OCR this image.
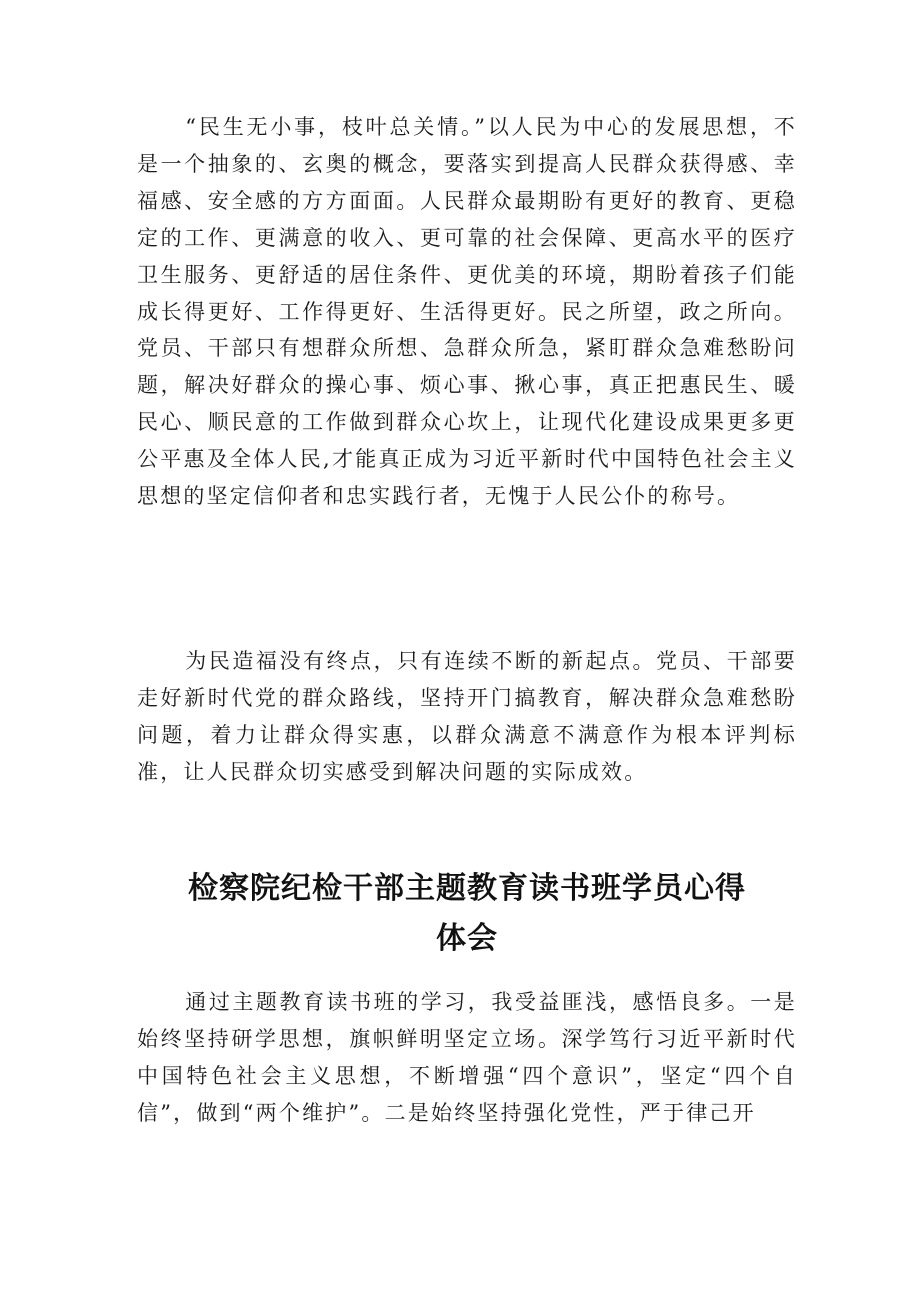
“民生无小事，枝叶总关情。”以人民为中心的发展思想，不是一个抽象的、玄奥的概念，要落实到提高人民群众获得感、幸福感、安全感的方方面面。人民群众最期盼有更好的教育、更稳定的工作、更满意的收入、更可靠的社会保障、更高水平的医疗卫生服务、更舒适的居住条件、更优美的环境，期盼着孩子们能成长得更好、工作得更好、生活得更好。民之所望，政之所向。党员、干部只有想群众所想、急群众所急，紧盯群众急难愁盼问题，解决好群众的操心事、烦心事、揪心事，真正把惠民生、暖民心、顺民意的工作做到群众心坎上，让现代化建设成果更多更公平惠及全体人民,才能真正成为习近平新时代中国特色社会主义思想的坚定信仰者和忠实践行者，无愧于人民公仆的称号。

为民造福没有终点，只有连续不断的新起点。党员、干部要走好新时代党的群众路线，坚持开门搞教育，解决群众急难愁盼问题，着力让群众得实惠，以群众满意不满意作为根本评判标准，让人民群众切实感受到解决问题的实际成效。

检察院纪检干部主题教育读书班学员心得
体会

通过主题教育读书班的学习，我受益匪浅，感悟良多。一是始终坚持研学思想，旗帜鲜明坚定立场。深学笃行习近平新时代中国特色社会主义思想，不断增强“四个意识”，坚定“四个自信”，做到“两个维护”。二是始终坚持强化党性，严于律己开
